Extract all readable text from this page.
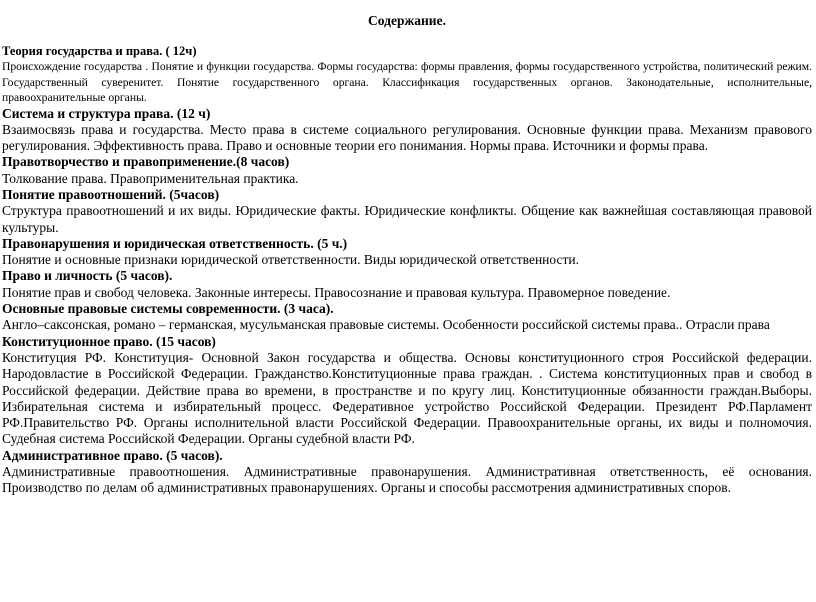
Содержание.
Теория государства и права. ( 12ч)
Происхождение государства . Понятие и функции государства. Формы государства: формы правления, формы государственного устройства, политический режим. Государственный суверенитет. Понятие государственного органа. Классификация государственных органов. Законодательные, исполнительные, правоохранительные органы.
Система и структура права. (12 ч)
Взаимосвязь права и государства. Место права в системе социального регулирования. Основные функции права. Механизм правового регулирования. Эффективность права. Право и основные теории его понимания. Нормы права. Источники и формы права.
Правотворчество и правоприменение.(8 часов)
Толкование права. Правоприменительная практика.
Понятие правоотношений. (5часов)
Структура правоотношений и их виды. Юридические факты. Юридические конфликты. Общение как важнейшая составляющая правовой культуры.
Правонарушения и юридическая ответственность. (5 ч.)
Понятие и основные признаки юридической ответственности. Виды юридической ответственности.
Право и личность (5 часов).
Понятие прав и свобод человека. Законные интересы. Правосознание и правовая культура. Правомерное поведение.
Основные правовые системы современности. (3 часа).
Англо–саксонская, романо – германская, мусульманская правовые системы. Особенности российской системы права.. Отрасли права
Конституционное право. (15 часов)
Конституция РФ. Конституция- Основной Закон государства и общества. Основы конституционного строя Российской федерации. Народовластие в Российской Федерации. Гражданство.Конституционные права граждан. . Система конституционных прав и свобод в Российской федерации. Действие права во времени, в пространстве и по кругу лиц. Конституционные обязанности граждан.Выборы. Избирательная система и избирательный процесс. Федеративное устройство Российской Федерации. Президент РФ.Парламент РФ.Правительство РФ. Органы исполнительной власти Российской Федерации. Правоохранительные органы, их виды и полномочия. Судебная система Российской Федерации. Органы судебной власти РФ.
Административное право. (5 часов).
Административные правоотношения. Административные правонарушения. Административная ответственность, её основания. Производство по делам об административных правонарушениях. Органы и способы рассмотрения административных споров.
